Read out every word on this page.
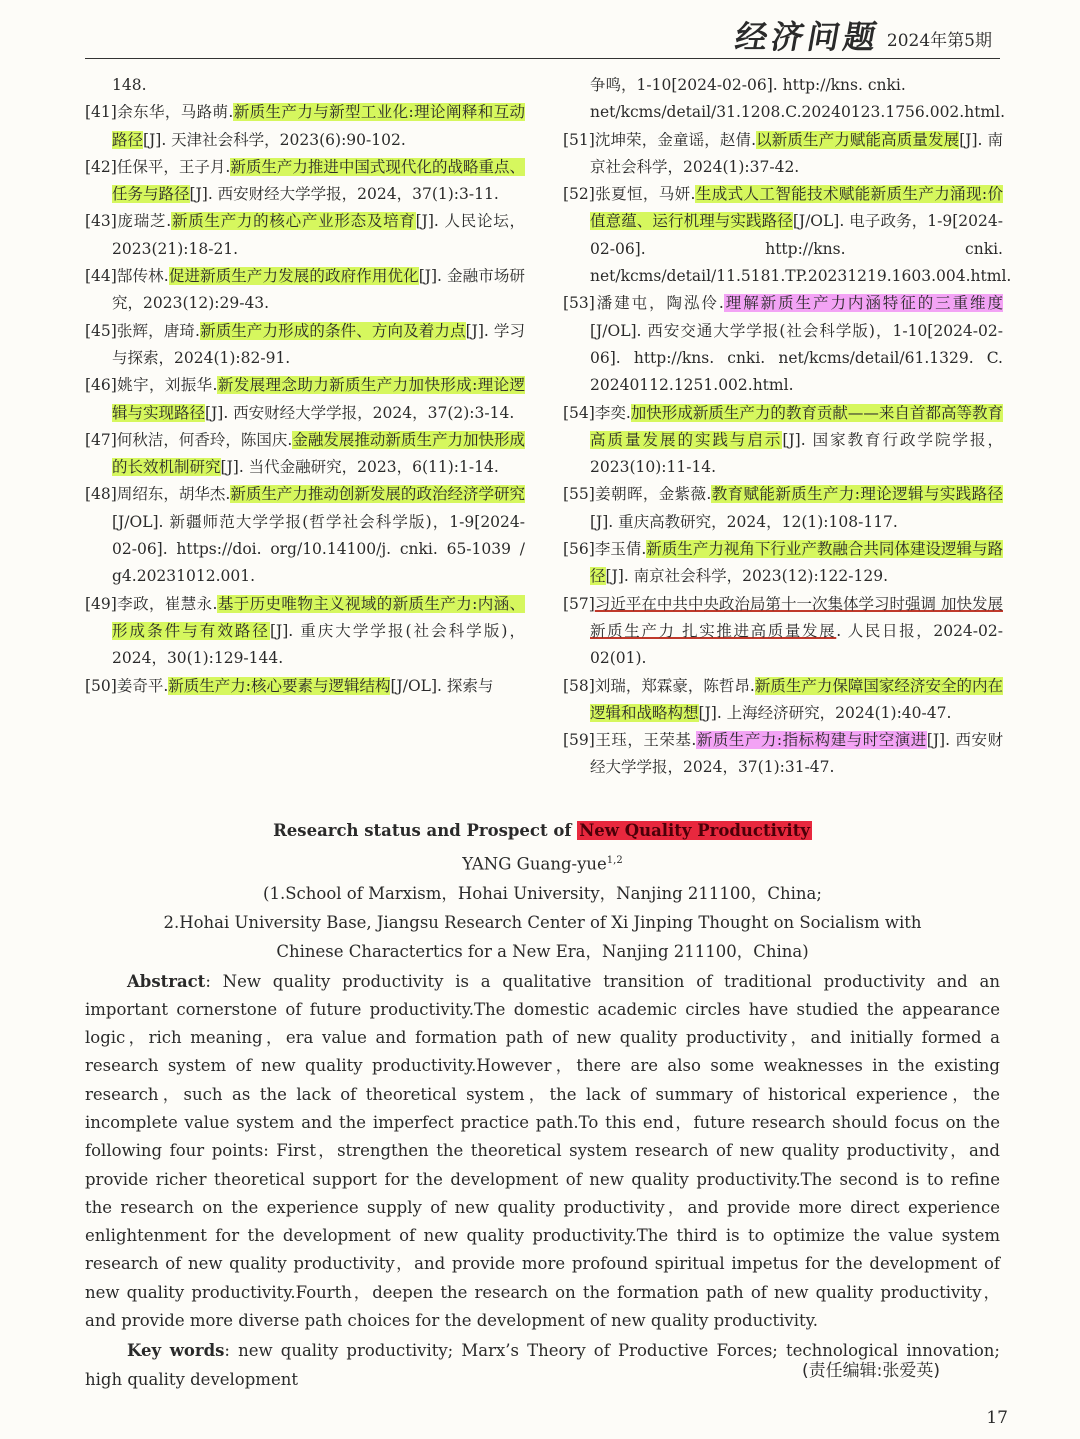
经济问题 2024年第5期
148.
[41]余东华，马路萌.新质生产力与新型工业化:理论阐释和互动路径[J]. 天津社会科学，2023(6):90-102.
[42]任保平，王子月.新质生产力推进中国式现代化的战略重点、任务与路径[J]. 西安财经大学学报，2024，37(1):3-11.
[43]庞瑞芝.新质生产力的核心产业形态及培育[J]. 人民论坛，2023(21):18-21.
[44]郜传林.促进新质生产力发展的政府作用优化[J]. 金融市场研究，2023(12):29-43.
[45]张辉，唐琦.新质生产力形成的条件、方向及着力点[J]. 学习与探索，2024(1):82-91.
[46]姚宇，刘振华.新发展理念助力新质生产力加快形成:理论逻辑与实现路径[J]. 西安财经大学学报，2024，37(2):3-14.
[47]何秋洁，何香玲，陈国庆.金融发展推动新质生产力加快形成的长效机制研究[J]. 当代金融研究，2023，6(11):1-14.
[48]周绍东，胡华杰.新质生产力推动创新发展的政治经济学研究[J/OL]. 新疆师范大学学报(哲学社会科学版)，1-9[2024-02-06]. https://doi. org/10.14100/j. cnki. 65-1039 / g4.20231012.001.
[49]李政，崔慧永.基于历史唯物主义视域的新质生产力:内涵、形成条件与有效路径[J]. 重庆大学学报(社会科学版)，2024，30(1):129-144.
[50]姜奇平.新质生产力:核心要素与逻辑结构[J/OL]. 探索与
争鸣，1-10[2024-02-06]. http://kns. cnki. net/kcms/detail/31.1208.C.20240123.1756.002.html.
[51]沈坤荣，金童谣，赵倩.以新质生产力赋能高质量发展[J]. 南京社会科学，2024(1):37-42.
[52]张夏恒，马妍.生成式人工智能技术赋能新质生产力涌现:价值意蕴、运行机理与实践路径[J/OL]. 电子政务，1-9[2024-02-06]. http://kns. cnki. net/kcms/detail/11.5181.TP.20231219.1603.004.html.
[53]潘建屯，陶泓伶.理解新质生产力内涵特征的三重维度[J/OL]. 西安交通大学学报(社会科学版)，1-10[2024-02-06]. http://kns. cnki. net/kcms/detail/61.1329. C. 20240112.1251.002.html.
[54]李奕.加快形成新质生产力的教育贡献——来自首都高等教育高质量发展的实践与启示[J]. 国家教育行政学院学报，2023(10):11-14.
[55]姜朝晖，金紫薇.教育赋能新质生产力:理论逻辑与实践路径[J]. 重庆高教研究，2024，12(1):108-117.
[56]李玉倩.新质生产力视角下行业产教融合共同体建设逻辑与路径[J]. 南京社会科学，2023(12):122-129.
[57]习近平在中共中央政治局第十一次集体学习时强调 加快发展新质生产力 扎实推进高质量发展. 人民日报，2024-02-02(01).
[58]刘瑞，郑霖豪，陈哲昂.新质生产力保障国家经济安全的内在逻辑和战略构想[J]. 上海经济研究，2024(1):40-47.
[59]王珏，王荣基.新质生产力:指标构建与时空演进[J]. 西安财经大学学报，2024，37(1):31-47.
Research status and Prospect of New Quality Productivity
YANG Guang-yue$^{1,2}$
(1.School of Marxism，Hohai University，Nanjing 211100，China;
2.Hohai University Base, Jiangsu Research Center of Xi Jinping Thought on Socialism with
Chinese Charactertics for a New Era，Nanjing 211100，China)
Abstract: New quality productivity is a qualitative transition of traditional productivity and an important cornerstone of future productivity.The domestic academic circles have studied the appearance logic，rich meaning，era value and formation path of new quality productivity，and initially formed a research system of new quality productivity.However，there are also some weaknesses in the existing research，such as the lack of theoretical system，the lack of summary of historical experience，the incomplete value system and the imperfect practice path.To this end，future research should focus on the following four points: First，strengthen the theoretical system research of new quality productivity，and provide richer theoretical support for the development of new quality productivity.The second is to refine the research on the experience supply of new quality productivity，and provide more direct experience enlightenment for the development of new quality productivity.The third is to optimize the value system research of new quality productivity，and provide more profound spiritual impetus for the development of new quality productivity.Fourth，deepen the research on the formation path of new quality productivity，and provide more diverse path choices for the development of new quality productivity.
Key words: new quality productivity; Marx’s Theory of Productive Forces; technological innovation; high quality development	(责任编辑:张爱英)
17
